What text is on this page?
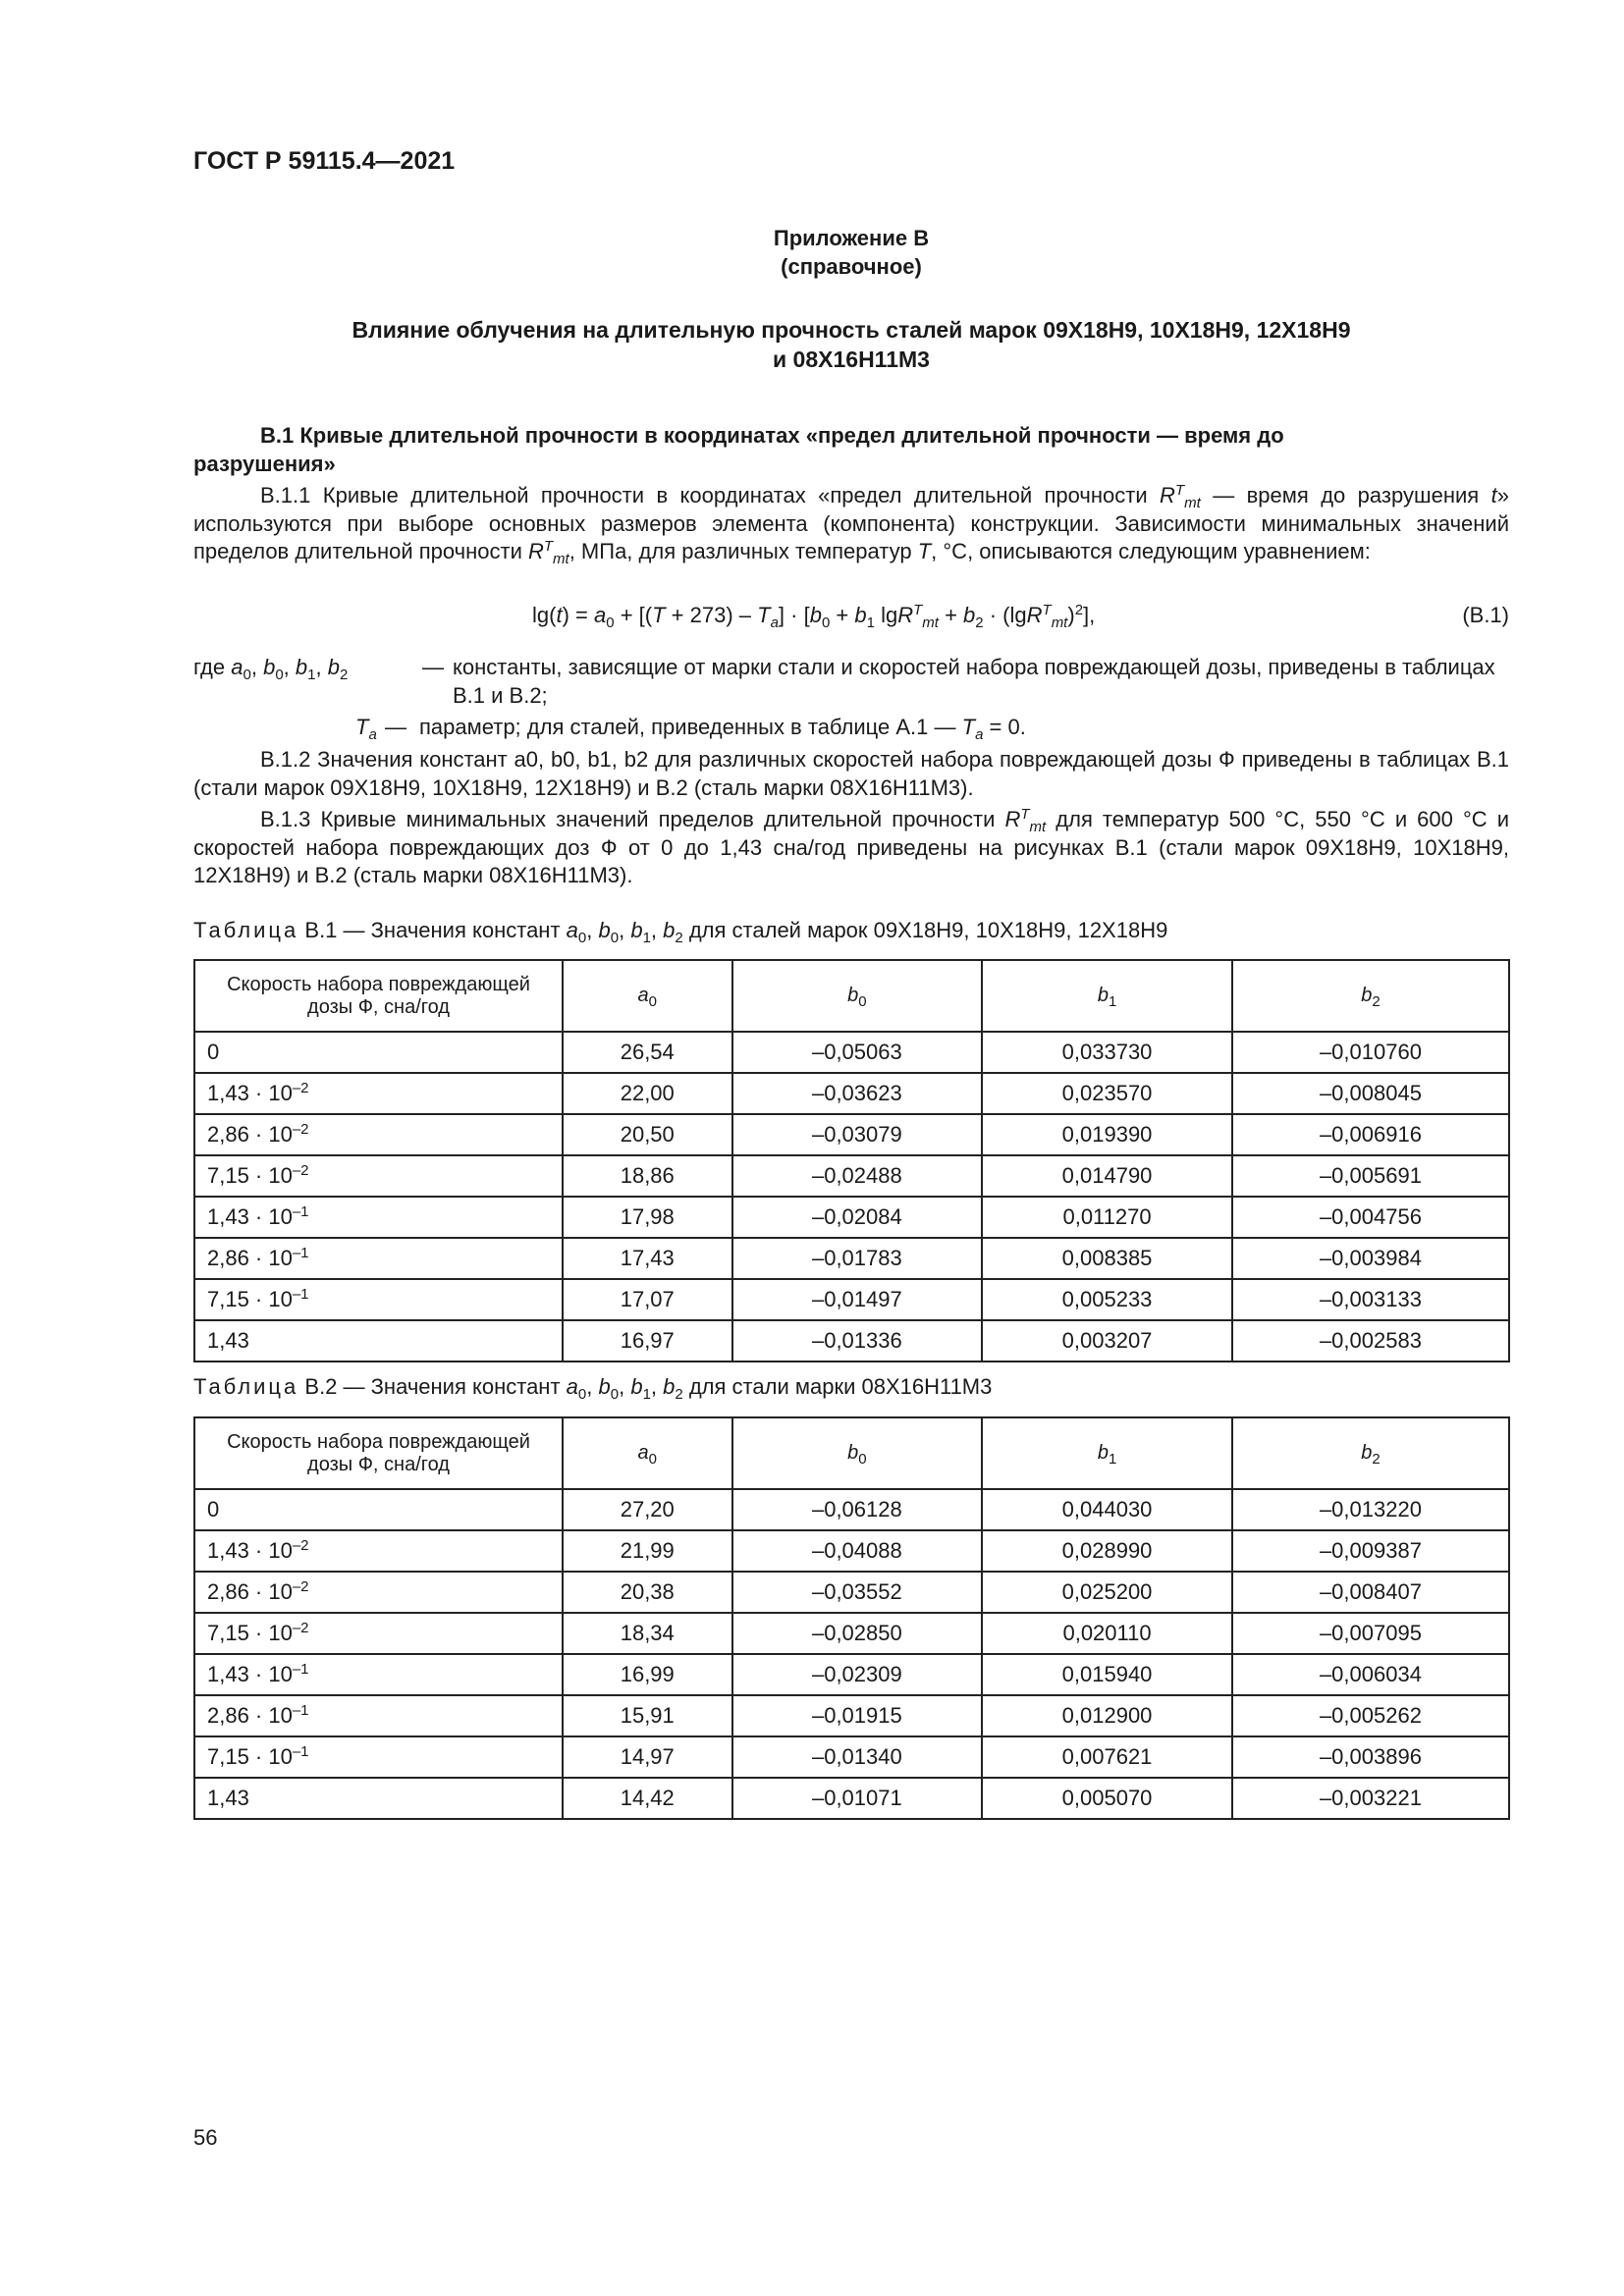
ГОСТ Р 59115.4—2021
Приложение В
(справочное)
Влияние облучения на длительную прочность сталей марок 09Х18Н9, 10Х18Н9, 12Х18Н9
и 08Х16Н11М3
В.1 Кривые длительной прочности в координатах «предел длительной прочности — время до разрушения»
В.1.1 Кривые длительной прочности в координатах «предел длительной прочности $R^T_{mt}$ — время до разрушения t» используются при выборе основных размеров элемента (компонента) конструкции. Зависимости минимальных значений пределов длительной прочности $R^T_{mt}$, МПа, для различных температур T, °С, описываются следующим уравнением:
$\lg(t) = a_0 + [(T + 273) - T_a] \cdot [b_0 + b_1$ $\lg R^T_{mt} + b_2 \cdot (\lg R^T_{mt})^2$],	(В.1)
где $a_0$, $b_0$, $b_1$, $b_2$	— константы, зависящие от марки стали и скоростей набора повреждающей дозы, приведены в таблицах В.1 и В.2;
$T_a$ — параметр; для сталей, приведенных в таблице А.1 — $T_a = 0$.
В.1.2 Значения констант a0, b0, b1, b2 для различных скоростей набора повреждающей дозы Ф приведены в таблицах В.1 (стали марок 09Х18Н9, 10Х18Н9, 12Х18Н9) и В.2 (сталь марки 08Х16Н11М3).
В.1.3 Кривые минимальных значений пределов длительной прочности $R^T_{mt}$ для температур 500 °С, 550 °С и 600 °С и скоростей набора повреждающих доз Ф от 0 до 1,43 сна/год приведены на рисунках В.1 (стали марок 09Х18Н9, 10Х18Н9, 12Х18Н9) и В.2 (сталь марки 08Х16Н11М3).
Таблица В.1 — Значения констант $a_0$, $b_0$, $b_1$, $b_2$ для сталей марок 09Х18Н9, 10Х18Н9, 12Х18Н9
Скорость набора повреждающей дозы Ф, сна/год	$a_0$	$b_0$	$b_1$	$b_2$
0	26,54	–0,05063	0,033730	–0,010760
$1,43 \cdot 10^{-2}$	22,00	–0,03623	0,023570	–0,008045
$2,86 \cdot 10^{-2}$	20,50	–0,03079	0,019390	–0,006916
$7,15 \cdot 10^{-2}$	18,86	–0,02488	0,014790	–0,005691
$1,43 \cdot 10^{-1}$	17,98	–0,02084	0,011270	–0,004756
$2,86 \cdot 10^{-1}$	17,43	–0,01783	0,008385	–0,003984
$7,15 \cdot 10^{-1}$	17,07	–0,01497	0,005233	–0,003133
1,43	16,97	–0,01336	0,003207	–0,002583
Таблица В.2 — Значения констант $a_0$, $b_0$, $b_1$, $b_2$ для стали марки 08Х16Н11М3
Скорость набора повреждающей дозы Ф, сна/год	$a_0$	$b_0$	$b_1$	$b_2$
0	27,20	–0,06128	0,044030	–0,013220
$1,43 \cdot 10^{-2}$	21,99	–0,04088	0,028990	–0,009387
$2,86 \cdot 10^{-2}$	20,38	–0,03552	0,025200	–0,008407
$7,15 \cdot 10^{-2}$	18,34	–0,02850	0,020110	–0,007095
$1,43 \cdot 10^{-1}$	16,99	–0,02309	0,015940	–0,006034
$2,86 \cdot 10^{-1}$	15,91	–0,01915	0,012900	–0,005262
$7,15 \cdot 10^{-1}$	14,97	–0,01340	0,007621	–0,003896
1,43	14,42	–0,01071	0,005070	–0,003221
56
